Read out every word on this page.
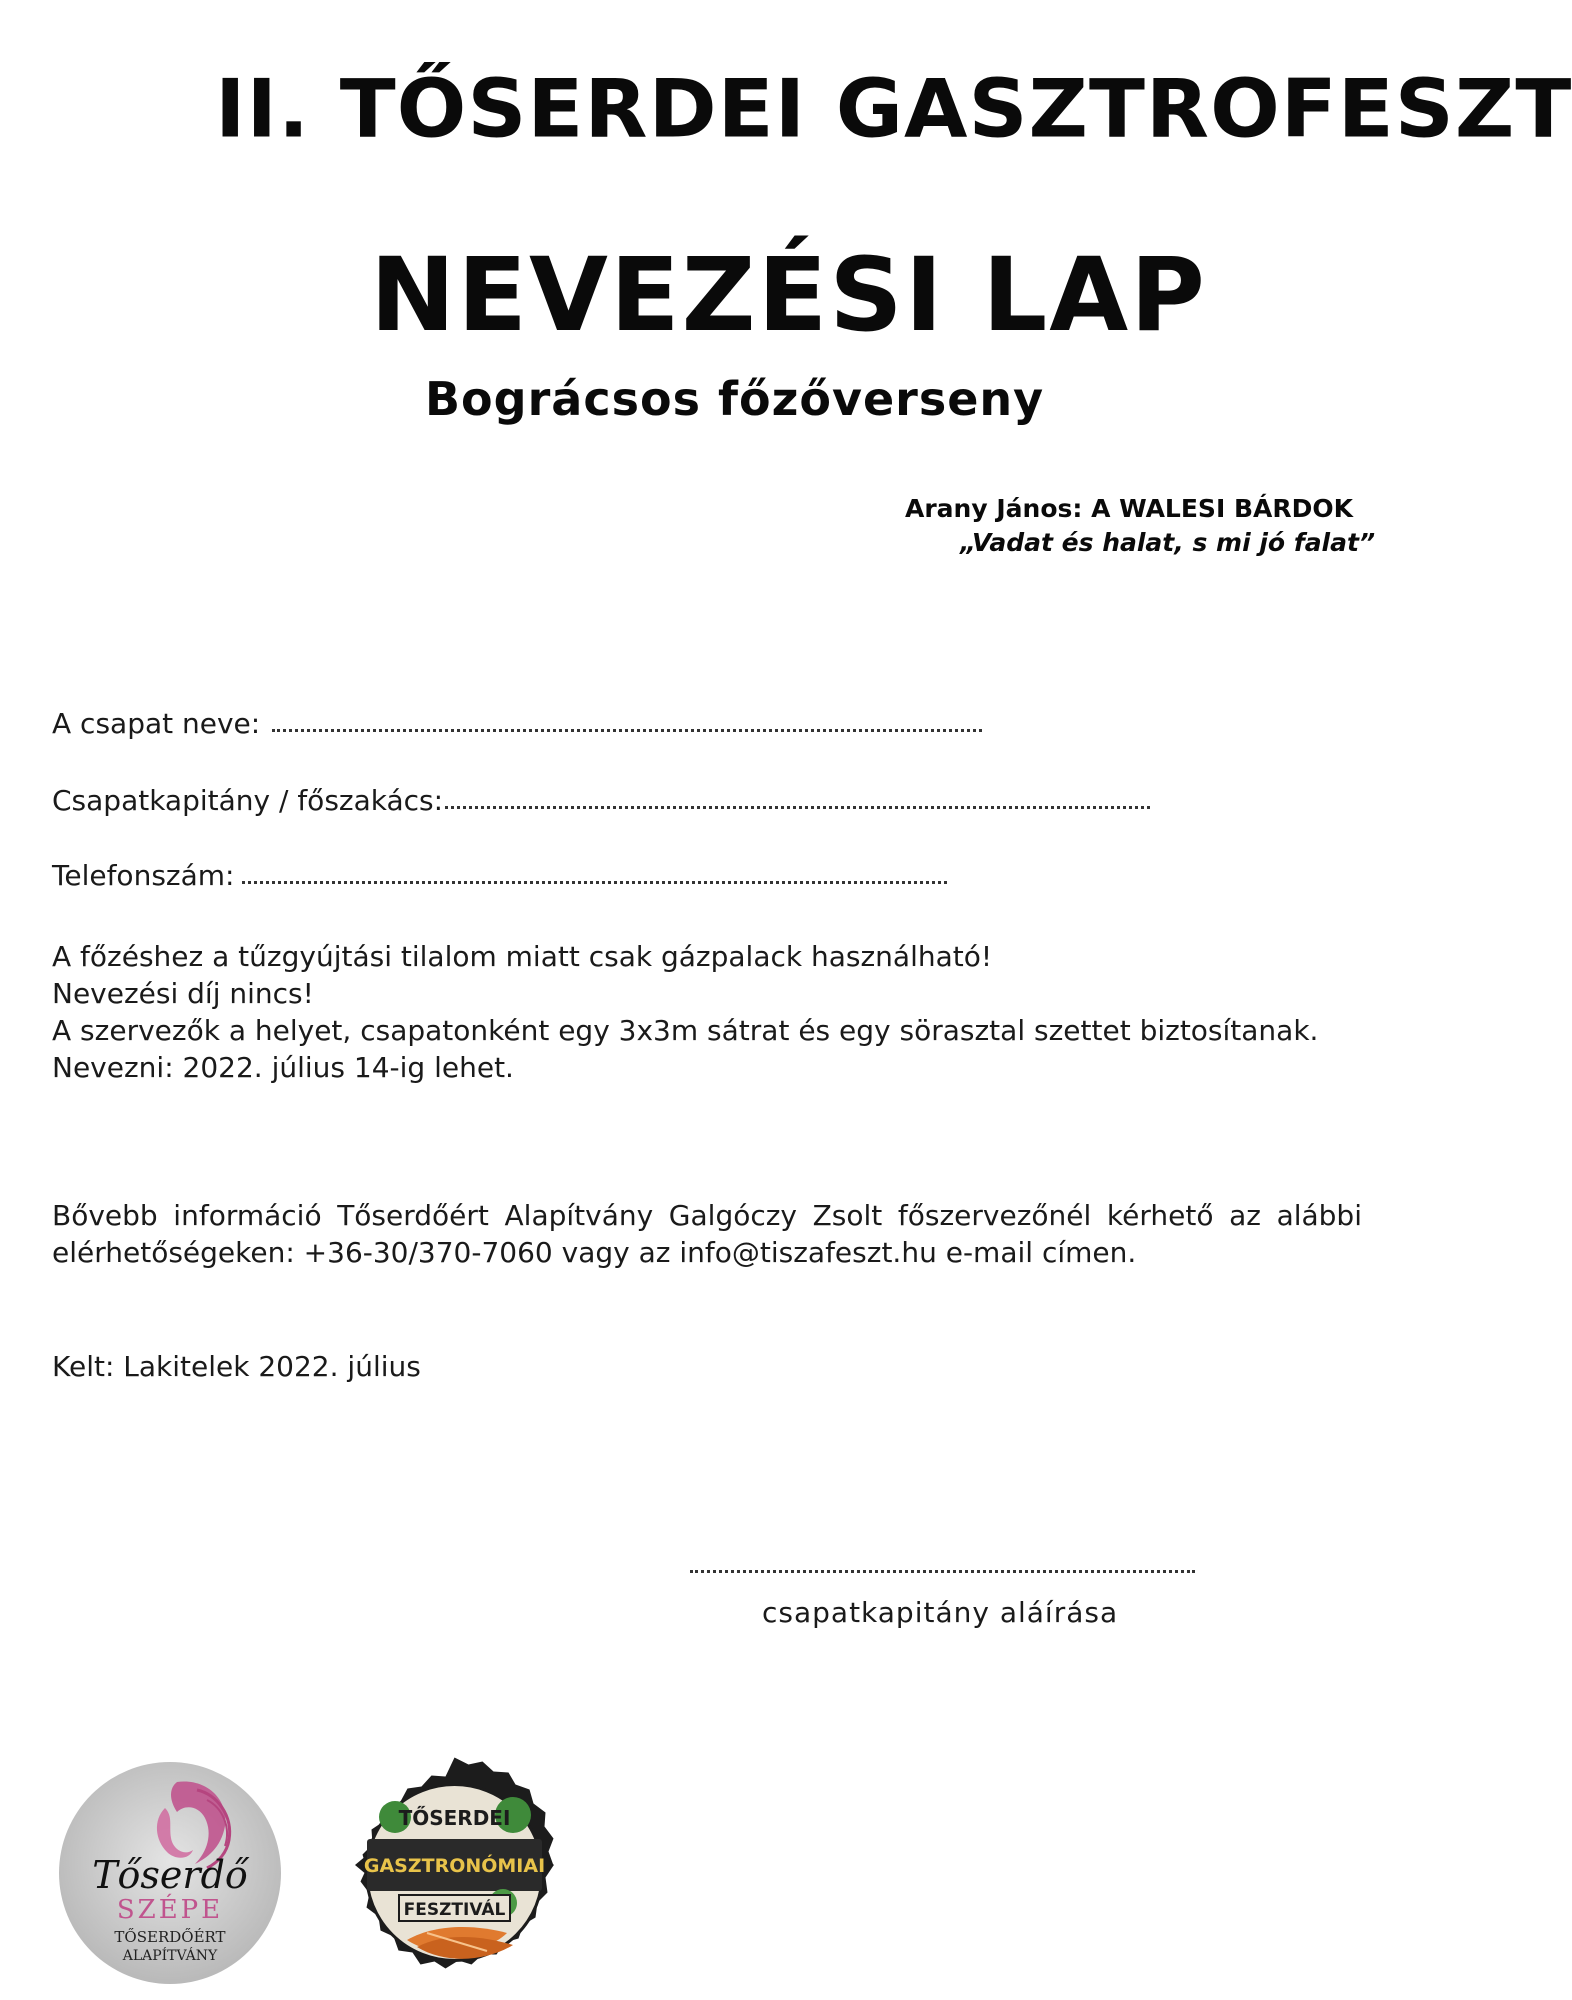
II. TŐSERDEI GASZTROFESZT
NEVEZÉSI LAP
Bográcsos főzőverseny
Arany János: A WALESI BÁRDOK
„Vadat és halat, s mi jó falat”
A csapat neve:
Csapatkapitány / főszakács:
Telefonszám:
A főzéshez a tűzgyújtási tilalom miatt csak gázpalack használható!
Nevezési díj nincs!
A szervezők a helyet, csapatonként egy 3x3m sátrat és egy sörasztal szettet biztosítanak.
Nevezni: 2022. július 14-ig lehet.
Bővebb információ Tőserdőért Alapítvány Galgóczy Zsolt főszervezőnél kérhető az alábbi elérhetőségeken: +36-30/370-7060 vagy az info@tiszafeszt.hu e-mail címen.
Kelt: Lakitelek 2022. július
csapatkapitány aláírása
Tőserdő
SZÉPE
TŐSERDŐÉRT
ALAPÍTVÁNY
TŐSERDEI
GASZTRONÓMIAI
FESZTIVÁL
